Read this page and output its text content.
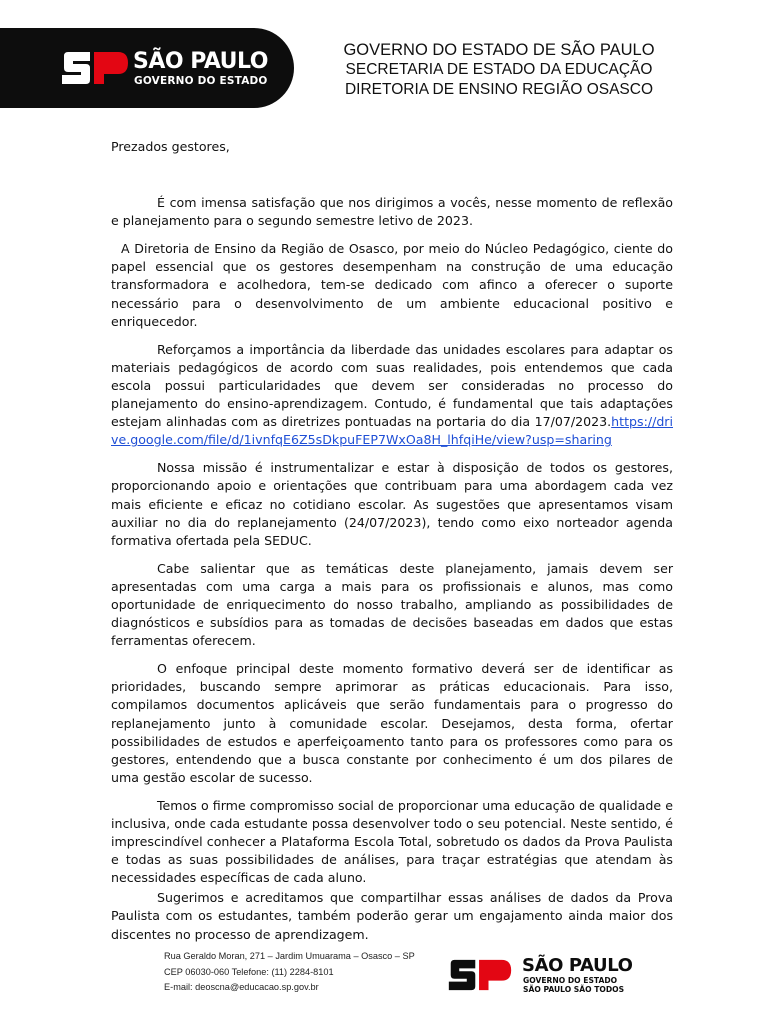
SÃO PAULO
GOVERNO DO ESTADO
GOVERNO DO ESTADO DE SÃO PAULO
SECRETARIA DE ESTADO DA EDUCAÇÃO
DIRETORIA DE ENSINO REGIÃO OSASCO

Prezados gestores,

É com imensa satisfação que nos dirigimos a vocês, nesse momento de reflexão e planejamento para o segundo semestre letivo de 2023.

A Diretoria de Ensino da Região de Osasco, por meio do Núcleo Pedagógico, ciente do papel essencial que os gestores desempenham na construção de uma educação transformadora e acolhedora, tem-se dedicado com afinco a oferecer o suporte necessário para o desenvolvimento de um ambiente educacional positivo e enriquecedor.

Reforçamos a importância da liberdade das unidades escolares para adaptar os materiais pedagógicos de acordo com suas realidades, pois entendemos que cada escola possui particularidades que devem ser consideradas no processo do planejamento do ensino-aprendizagem. Contudo, é fundamental que tais adaptações estejam alinhadas com as diretrizes pontuadas na portaria do dia 17/07/2023.https://drive.google.com/file/d/1ivnfqE6Z5sDkpuFEP7WxOa8H_lhfqiHe/view?usp=sharing

Nossa missão é instrumentalizar e estar à disposição de todos os gestores, proporcionando apoio e orientações que contribuam para uma abordagem cada vez mais eficiente e eficaz no cotidiano escolar. As sugestões que apresentamos visam auxiliar no dia do replanejamento (24/07/2023), tendo como eixo norteador agenda formativa ofertada pela SEDUC.

Cabe salientar que as temáticas deste planejamento, jamais devem ser apresentadas com uma carga a mais para os profissionais e alunos, mas como oportunidade de enriquecimento do nosso trabalho, ampliando as possibilidades de diagnósticos e subsídios para as tomadas de decisões baseadas em dados que estas ferramentas oferecem.

O enfoque principal deste momento formativo deverá ser de identificar as prioridades, buscando sempre aprimorar as práticas educacionais. Para isso, compilamos documentos aplicáveis que serão fundamentais para o progresso do replanejamento junto à comunidade escolar. Desejamos, desta forma, ofertar possibilidades de estudos e aperfeiçoamento tanto para os professores como para os gestores, entendendo que a busca constante por conhecimento é um dos pilares de uma gestão escolar de sucesso.

Temos o firme compromisso social de proporcionar uma educação de qualidade e inclusiva, onde cada estudante possa desenvolver todo o seu potencial. Neste sentido, é imprescindível conhecer a Plataforma Escola Total, sobretudo os dados da Prova Paulista e todas as suas possibilidades de análises, para traçar estratégias que atendam às necessidades específicas de cada aluno.

Sugerimos e acreditamos que compartilhar essas análises de dados da Prova Paulista com os estudantes, também poderão gerar um engajamento ainda maior dos discentes no processo de aprendizagem.

Rua Geraldo Moran, 271 – Jardim Umuarama – Osasco – SP
CEP 06030-060 Telefone: (11) 2284-8101
E-mail: deoscna@educacao.sp.gov.br
SÃO PAULO
GOVERNO DO ESTADO
SÃO PAULO SÃO TODOS
